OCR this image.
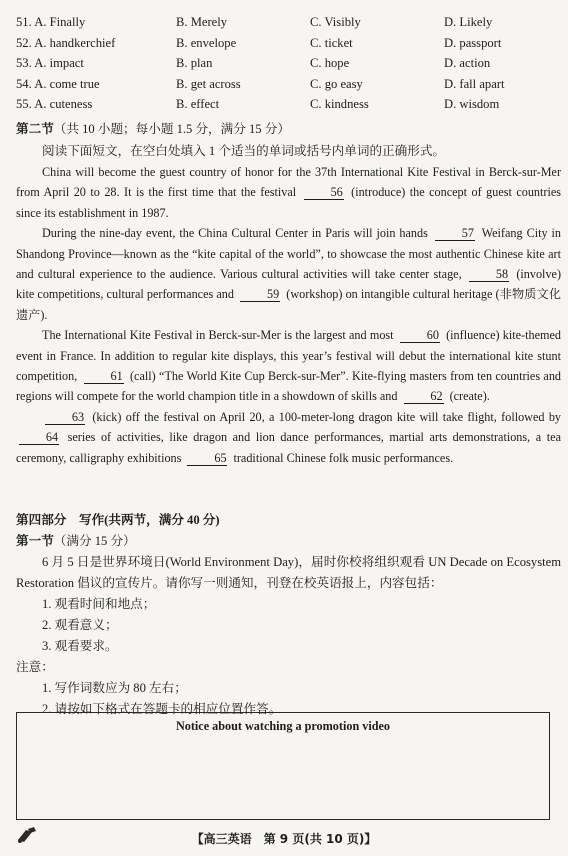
51. A. Finally	B. Merely	C. Visibly	D. Likely
52. A. handkerchief	B. envelope	C. ticket	D. passport
53. A. impact	B. plan	C. hope	D. action
54. A. come true	B. get across	C. go easy	D. fall apart
55. A. cuteness	B. effect	C. kindness	D. wisdom
第二节（共 10 小题；每小题 1.5 分，满分 15 分）
阅读下面短文，在空白处填入 1 个适当的单词或括号内单词的正确形式。

China will become the guest country of honor for the 37th International Kite Festival in Berck-sur-Mer from April 20 to 28. It is the first time that the festival	56 (introduce) the concept of guest countries since its establishment in 1987.

During the nine-day event, the China Cultural Center in Paris will join hands	57 Weifang City in Shandong Province—known as the “kite capital of the world”, to showcase the most authentic Chinese kite art and cultural experience to the audience. Various cultural activities will take center stage,	58 (involve) kite competitions, cultural performances and	59 (workshop) on intangible cultural heritage (非物质文化遗产).

The International Kite Festival in Berck-sur-Mer is the largest and most	60 (influence) kite-themed event in France. In addition to regular kite displays, this year’s festival will debut the international kite stunt competition,	61 (call) “The World Kite Cup Berck-sur-Mer”. Kite-flying masters from ten countries and regions will compete for the world champion title in a showdown of skills and	62 (create).

63 (kick) off the festival on April 20, a 100-meter-long dragon kite will take flight, followed by 64 series of activities, like dragon and lion dance performances, martial arts demonstrations, a tea ceremony, calligraphy exhibitions	65 traditional Chinese folk music performances.

第四部分　写作(共两节，满分 40 分)
第一节（满分 15 分）
6 月 5 日是世界环境日(World Environment Day)，届时你校将组织观看 UN Decade on Ecosystem Restoration 倡议的宣传片。请你写一则通知，刊登在校英语报上，内容包括：
1. 观看时间和地点；
2. 观看意义；
3. 观看要求。
注意：
1. 写作词数应为 80 左右；
2. 请按如下格式在答题卡的相应位置作答。
Notice about watching a promotion video
【高三英语　第 9 页(共 10 页)】
